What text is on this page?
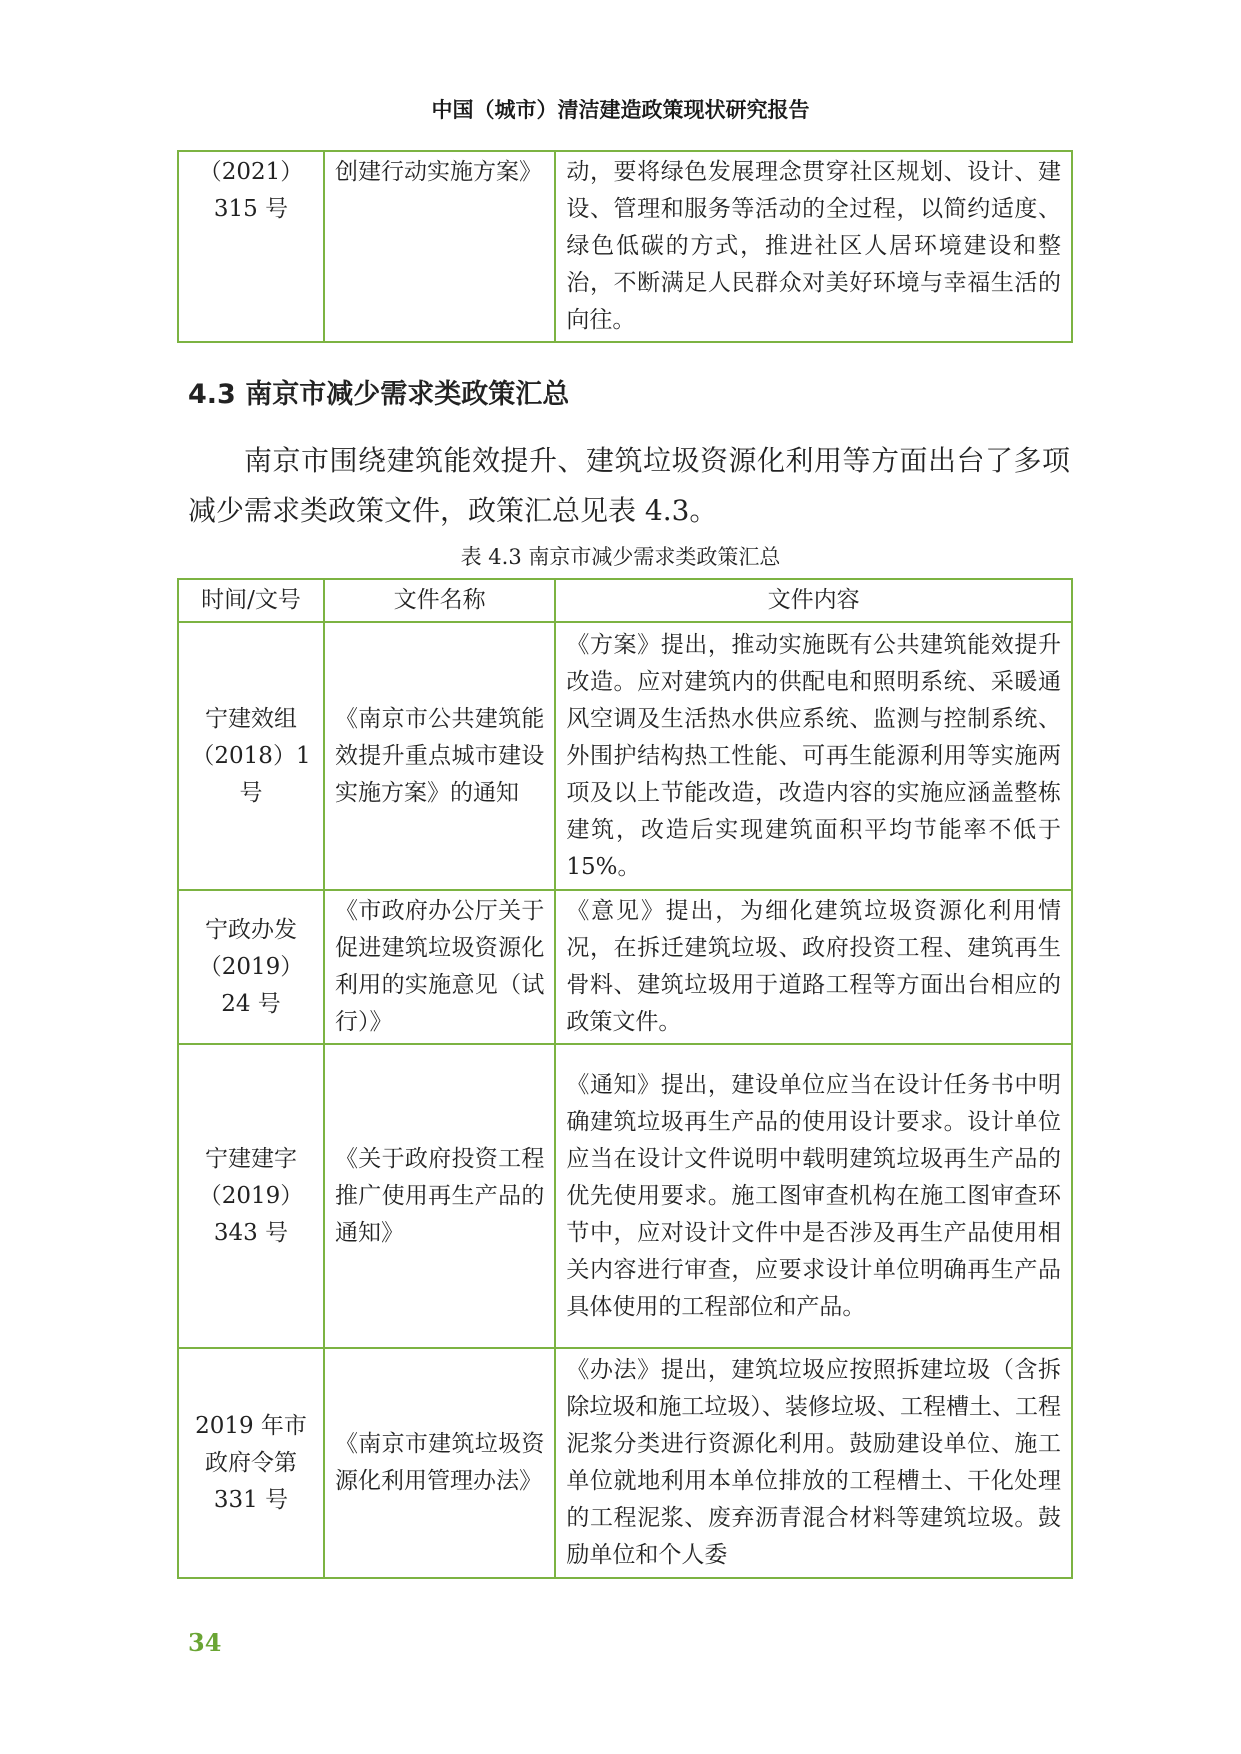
中国（城市）清洁建造政策现状研究报告
（2021）315 号	创建行动实施方案》	动，要将绿色发展理念贯穿社区规划、设计、建设、管理和服务等活动的全过程，以简约适度、绿色低碳的方式，推进社区人居环境建设和整治，不断满足人民群众对美好环境与幸福生活的向往。
4.3 南京市减少需求类政策汇总

南京市围绕建筑能效提升、建筑垃圾资源化利用等方面出台了多项减少需求类政策文件，政策汇总见表 4.3。

表 4.3 南京市减少需求类政策汇总
时间/文号	文件名称	文件内容
宁建效组（2018）1 号	《南京市公共建筑能效提升重点城市建设实施方案》的通知	《方案》提出，推动实施既有公共建筑能效提升改造。应对建筑内的供配电和照明系统、采暖通风空调及生活热水供应系统、监测与控制系统、外围护结构热工性能、可再生能源利用等实施两项及以上节能改造，改造内容的实施应涵盖整栋建筑，改造后实现建筑面积平均节能率不低于 15%。
宁政办发（2019）24 号	《市政府办公厅关于促进建筑垃圾资源化利用的实施意见（试行）》	《意见》提出，为细化建筑垃圾资源化利用情况，在拆迁建筑垃圾、政府投资工程、建筑再生骨料、建筑垃圾用于道路工程等方面出台相应的政策文件。
宁建建字（2019）343 号	《关于政府投资工程推广使用再生产品的通知》	《通知》提出，建设单位应当在设计任务书中明确建筑垃圾再生产品的使用设计要求。设计单位应当在设计文件说明中载明建筑垃圾再生产品的优先使用要求。施工图审查机构在施工图审查环节中，应对设计文件中是否涉及再生产品使用相关内容进行审查，应要求设计单位明确再生产品具体使用的工程部位和产品。
2019 年市政府令第 331 号	《南京市建筑垃圾资源化利用管理办法》	《办法》提出，建筑垃圾应按照拆建垃圾（含拆除垃圾和施工垃圾）、装修垃圾、工程槽土、工程泥浆分类进行资源化利用。鼓励建设单位、施工单位就地利用本单位排放的工程槽土、干化处理的工程泥浆、废弃沥青混合材料等建筑垃圾。鼓励单位和个人委
34
